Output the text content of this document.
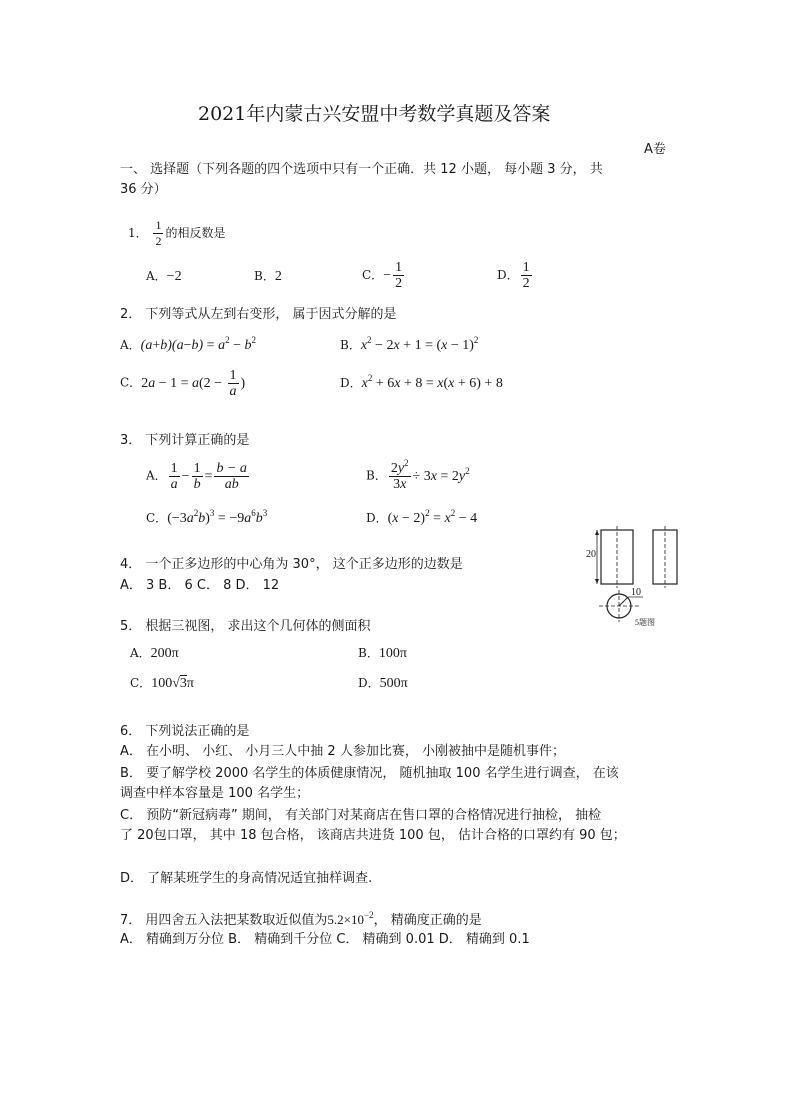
2021年内蒙古兴安盟中考数学真题及答案
A卷
一、 选择题（下列各题的四个选项中只有一个正确．共 12 小题， 每小题 3 分， 共
36 分）
1． $\frac{1}{2}$ 的相反数是
A．−2	B．2	C．− $\frac{1}{2}$	D． $\frac{1}{2}$
2． 下列等式从左到右变形， 属于因式分解的是
A．$(a+b)(a-b) = a^2 - b^2$	B．$x^2 - 2x + 1 = (x - 1)^2$
C．$2a - 1 = a(2 - \frac{1}{a}$ )	D．$x^2 + 6x + 8 = x(x + 6) + 8$
3． 下列计算正确的是
A． $\frac{1}{a} - \frac{1}{b} = \frac{b - a}{ab}$	B． $\frac{2y^2}{3x} \div 3x = 2y^2$
C．$(-3a^2b)^3 = -9a^6b^3$	D．$(x - 2)^2 = x^2 - 4$
20
10
5题图
4． 一个正多边形的中心角为 30°， 这个正多边形的边数是
A． 3 B． 6 C． 8 D． 12
5． 根据三视图， 求出这个几何体的侧面积
A．200π	B．100π
C．100√3π	D．500π
6． 下列说法正确的是
A． 在小明、 小红、 小月三人中抽 2 人参加比赛， 小刚被抽中是随机事件；
B． 要了解学校 2000 名学生的体质健康情况， 随机抽取 100 名学生进行调查， 在该
调查中样本容量是 100 名学生；
C． 预防“新冠病毒” 期间， 有关部门对某商店在售口罩的合格情况进行抽检， 抽检
了 20包口罩， 其中 18 包合格， 该商店共进货 100 包， 估计合格的口罩约有 90 包；
D． 了解某班学生的身高情况适宜抽样调查.
7． 用四舍五入法把某数取近似值为$5.2\times 10^{-2}$， 精确度正确的是
A． 精确到万分位 B． 精确到千分位 C． 精确到 0.01 D． 精确到 0.1
